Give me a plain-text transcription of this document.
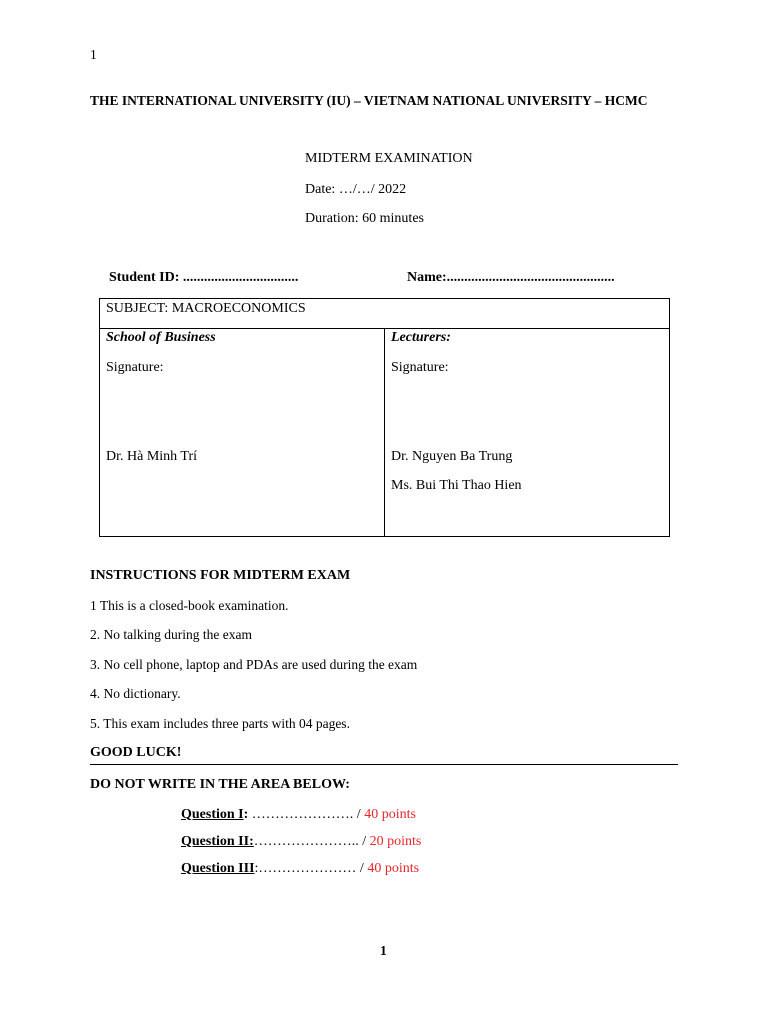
1
THE INTERNATIONAL UNIVERSITY (IU) – VIETNAM NATIONAL UNIVERSITY – HCMC
MIDTERM EXAMINATION
Date: …/…/ 2022
Duration: 60 minutes
Student ID: .................................	Name:................................................
SUBJECT: MACROECONOMICS

School of Business
Signature:
Dr. Hà Minh Trí

Lecturers:
Signature:
Dr. Nguyen Ba Trung
Ms. Bui Thi Thao Hien
INSTRUCTIONS FOR MIDTERM EXAM
1 This is a closed-book examination.
2. No talking during the exam
3. No cell phone, laptop and PDAs are used during the exam
4. No dictionary.
5. This exam includes three parts with 04 pages.
GOOD LUCK!
DO NOT WRITE IN THE AREA BELOW:
Question I: …………………. / 40 points
Question II:………………….. / 20 points
Question III:………………… / 40 points
1
